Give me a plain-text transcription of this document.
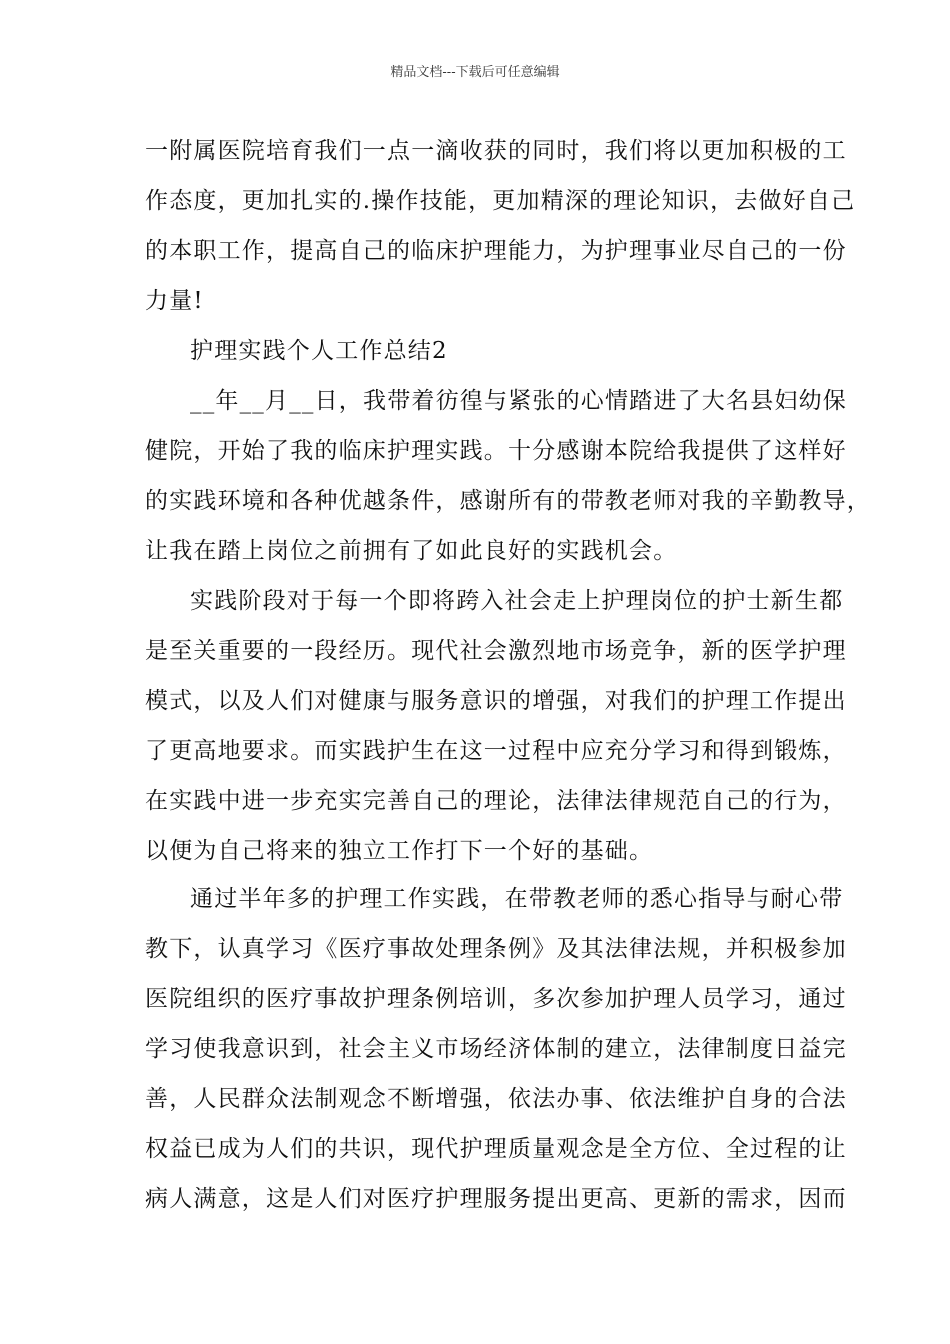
精品文档---下载后可任意编辑
一附属医院培育我们一点一滴收获的同时，我们将以更加积极的工
作态度，更加扎实的.操作技能，更加精深的理论知识，去做好自己
的本职工作，提高自己的临床护理能力，为护理事业尽自己的一份
力量!
护理实践个人工作总结2
__年__月__日，我带着彷徨与紧张的心情踏进了大名县妇幼保
健院，开始了我的临床护理实践。十分感谢本院给我提供了这样好
的实践环境和各种优越条件，感谢所有的带教老师对我的辛勤教导，
让我在踏上岗位之前拥有了如此良好的实践机会。
实践阶段对于每一个即将跨入社会走上护理岗位的护士新生都
是至关重要的一段经历。现代社会激烈地市场竞争，新的医学护理
模式，以及人们对健康与服务意识的增强，对我们的护理工作提出
了更高地要求。而实践护生在这一过程中应充分学习和得到锻炼，
在实践中进一步充实完善自己的理论，法律法律规范自己的行为，
以便为自己将来的独立工作打下一个好的基础。
通过半年多的护理工作实践，在带教老师的悉心指导与耐心带
教下，认真学习《医疗事故处理条例》及其法律法规，并积极参加
医院组织的医疗事故护理条例培训，多次参加护理人员学习，通过
学习使我意识到，社会主义市场经济体制的建立，法律制度日益完
善，人民群众法制观念不断增强，依法办事、依法维护自身的合法
权益已成为人们的共识，现代护理质量观念是全方位、全过程的让
病人满意，这是人们对医疗护理服务提出更高、更新的需求，因而
